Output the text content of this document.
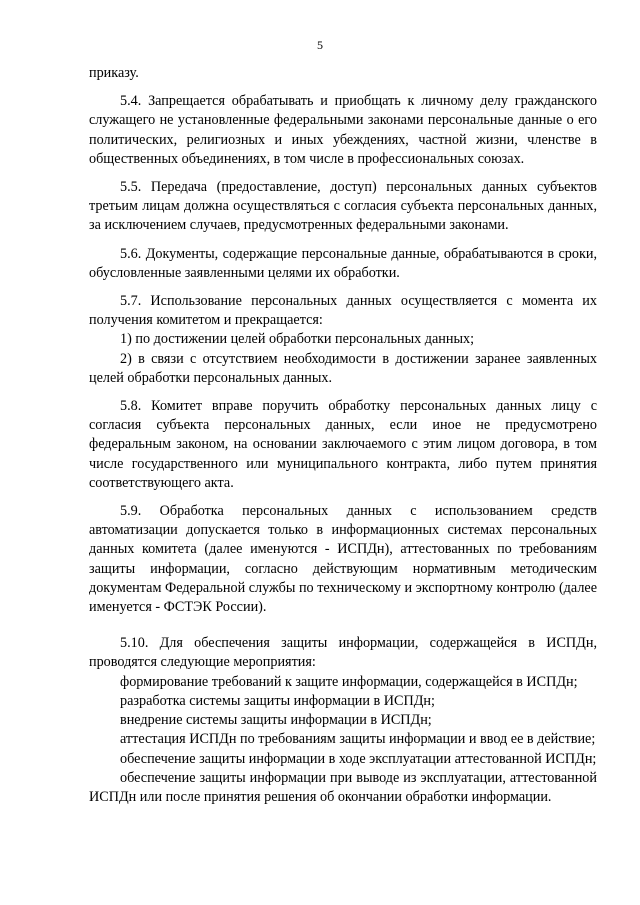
5

приказу.

5.4. Запрещается обрабатывать и приобщать к личному делу гражданского служащего не установленные федеральными законами персональные данные о его политических, религиозных и иных убеждениях, частной жизни, членстве в общественных объединениях, в том числе в профессиональных союзах.

5.5. Передача (предоставление, доступ) персональных данных субъектов третьим лицам должна осуществляться с согласия субъекта персональных данных, за исключением случаев, предусмотренных федеральными законами.

5.6. Документы, содержащие персональные данные, обрабатываются в сроки, обусловленные заявленными целями их обработки.

5.7. Использование персональных данных осуществляется с момента их получения комитетом и прекращается:

1) по достижении целей обработки персональных данных;

2) в связи с отсутствием необходимости в достижении заранее заявленных целей обработки персональных данных.

5.8. Комитет вправе поручить обработку персональных данных лицу с согласия субъекта персональных данных, если иное не предусмотрено федеральным законом, на основании заключаемого с этим лицом договора, в том числе государственного или муниципального контракта, либо путем принятия соответствующего акта.

5.9. Обработка персональных данных с использованием средств автоматизации допускается только в информационных системах персональных данных комитета (далее именуются - ИСПДн), аттестованных по требованиям защиты информации, согласно действующим нормативным методическим документам Федеральной службы по техническому и экспортному контролю (далее именуется - ФСТЭК России).

5.10. Для обеспечения защиты информации, содержащейся в ИСПДн, проводятся следующие мероприятия:

формирование требований к защите информации, содержащейся в ИСПДн;

разработка системы защиты информации в ИСПДн;

внедрение системы защиты информации в ИСПДн;

аттестация ИСПДн по требованиям защиты информации и ввод ее в действие;

обеспечение защиты информации в ходе эксплуатации аттестованной ИСПДн;

обеспечение защиты информации при выводе из эксплуатации, аттестованной ИСПДн или после принятия решения об окончании обработки информации.
